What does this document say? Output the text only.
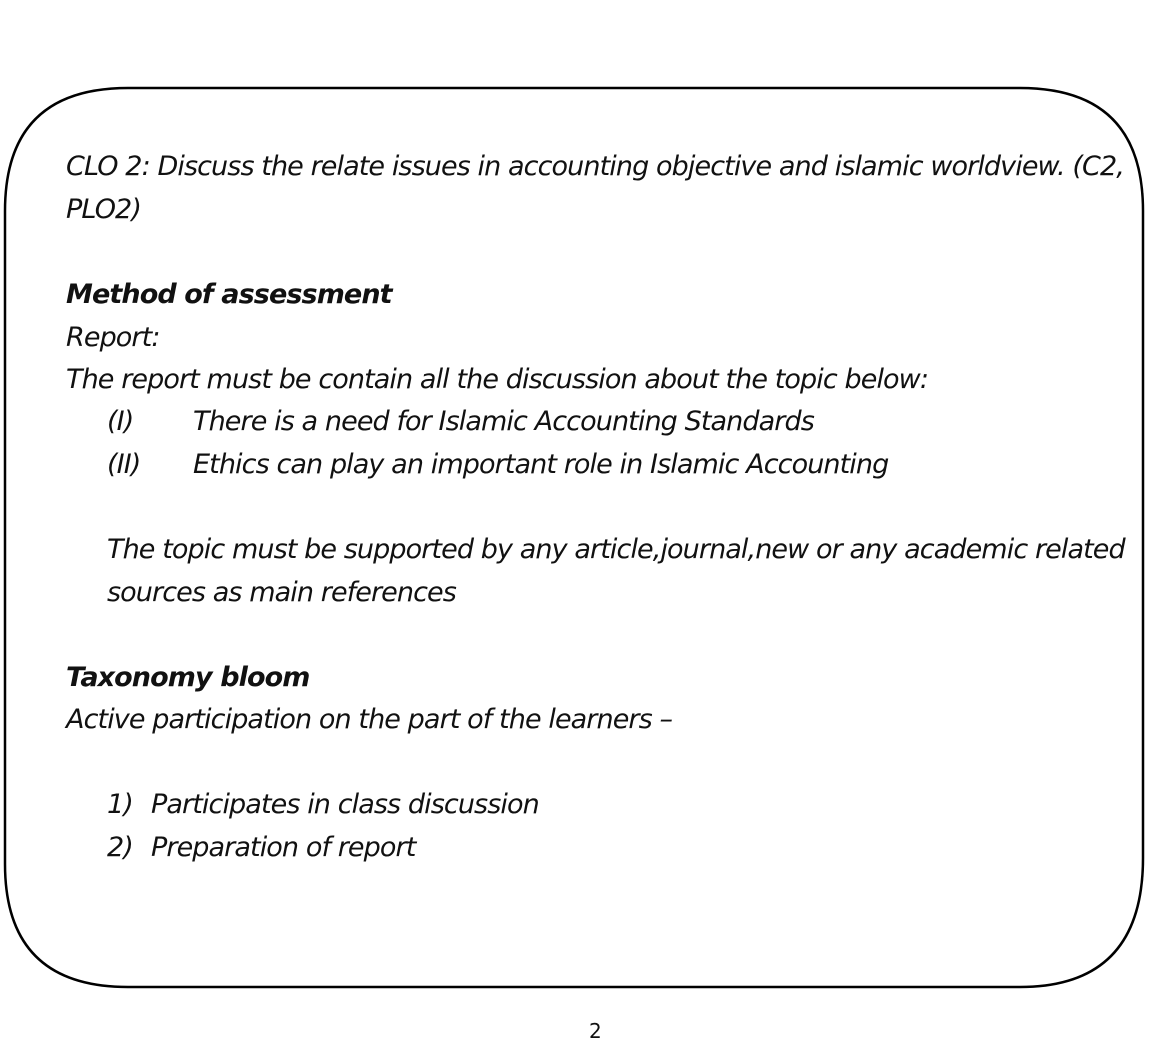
CLO 2: Discuss the relate issues in accounting objective and islamic worldview. (C2,
PLO2)
Method of assessment
Report:
The report must be contain all the discussion about the topic below:
(I) There is a need for Islamic Accounting Standards
(II) Ethics can play an important role in Islamic Accounting
The topic must be supported by any article,journal,new or any academic related
sources as main references
Taxonomy bloom
Active participation on the part of the learners –
1) Participates in class discussion
2) Preparation of report
2
